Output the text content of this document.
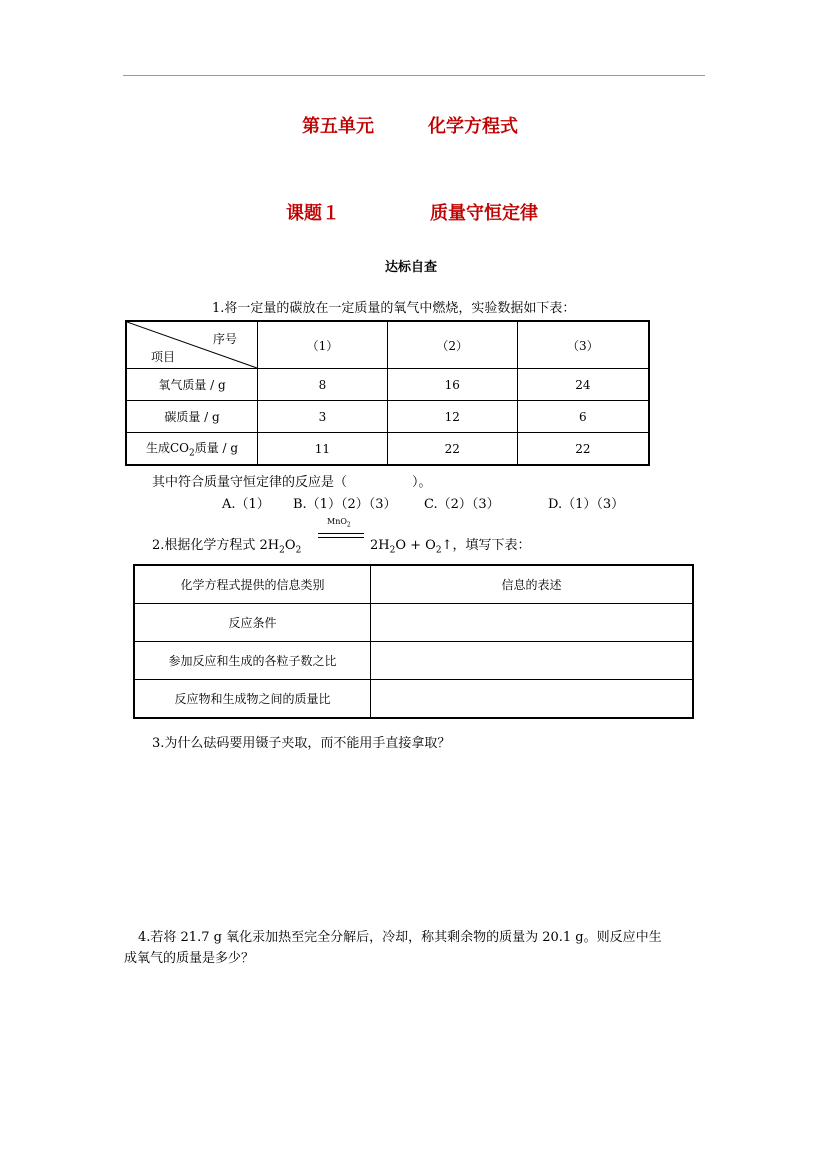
第五单元　　　化学方程式
课题１　　　　　质量守恒定律
达标自查
1.将一定量的碳放在一定质量的氧气中燃烧，实验数据如下表：
序号
项目	（1）	（2）	（3）
氧气质量 / g	8	16	24
碳质量 / g	3	12	6
生成$CO_2$质量 / g	11	22	22
其中符合质量守恒定律的反应是（　　　　　）。
A.（1） B.（1）（2）（3） C.（2）（3）	D.（1）（3）
2.根据化学方程式 $2H_2O_2$
MnO$_2$
$2H_2O$ + $O_2↑$，填写下表：
化学方程式提供的信息类别	信息的表述
反应条件	
参加反应和生成的各粒子数之比	
反应物和生成物之间的质量比	
3.为什么砝码要用镊子夹取，而不能用手直接拿取？
4.若将 21.7 g 氧化汞加热至完全分解后，冷却，称其剩余物的质量为 20.1 g。则反应中生
成氧气的质量是多少？
